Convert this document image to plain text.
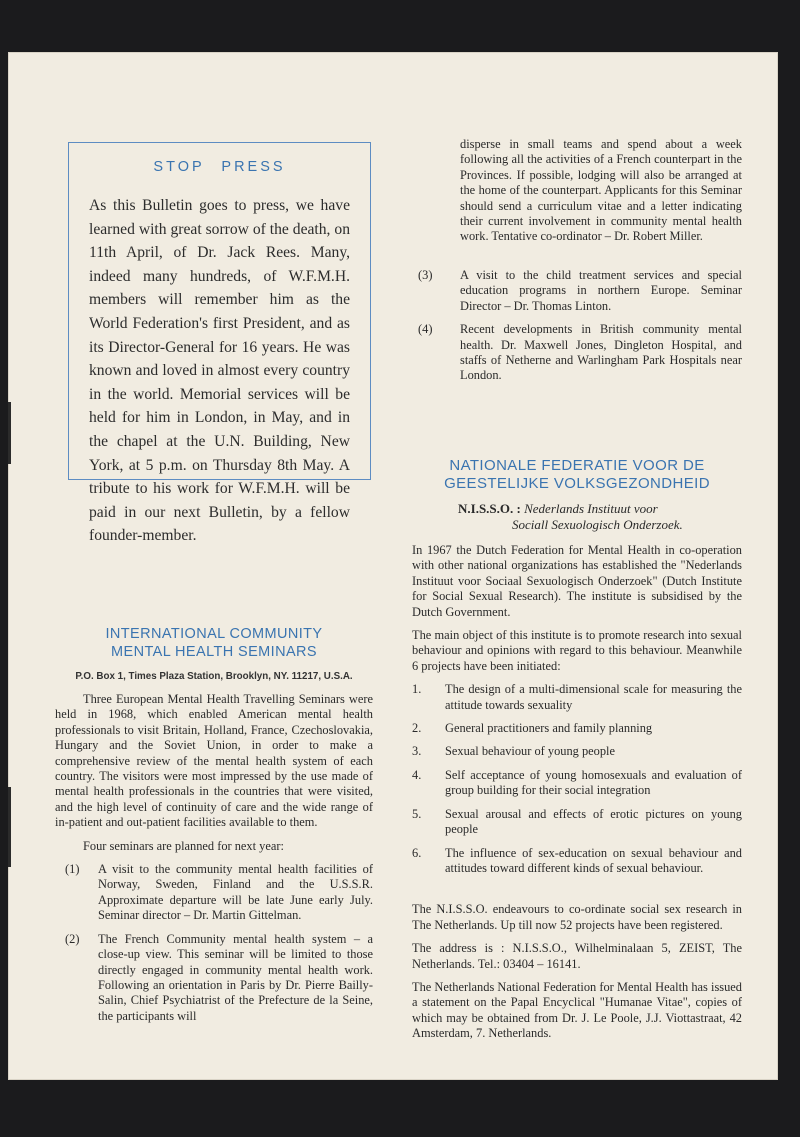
STOP PRESS
As this Bulletin goes to press, we have learned with great sorrow of the death, on 11th April, of Dr. Jack Rees. Many, indeed many hundreds, of W.F.M.H. members will remember him as the World Federation's first President, and as its Director-General for 16 years. He was known and loved in almost every country in the world. Memorial services will be held for him in London, in May, and in the chapel at the U.N. Building, New York, at 5 p.m. on Thursday 8th May. A tribute to his work for W.F.M.H. will be paid in our next Bulletin, by a fellow founder-member.
INTERNATIONAL COMMUNITY
MENTAL HEALTH SEMINARS
P.O. Box 1, Times Plaza Station, Brooklyn, NY. 11217, U.S.A.

Three European Mental Health Travelling Seminars were held in 1968, which enabled American mental health professionals to visit Britain, Holland, France, Czechoslovakia, Hungary and the Soviet Union, in order to make a comprehensive review of the mental health system of each country. The visitors were most impressed by the use made of mental health professionals in the countries that were visited, and the high level of continuity of care and the wide range of in-patient and out-patient facilities available to them.

Four seminars are planned for next year:

(1)	A visit to the community mental health facilities of Norway, Sweden, Finland and the U.S.S.R. Approximate departure will be late June early July. Seminar director – Dr. Martin Gittelman.
(2)	The French Community mental health system – a close-up view. This seminar will be limited to those directly engaged in community mental health work. Following an orientation in Paris by Dr. Pierre Bailly-Salin, Chief Psychiatrist of the Prefecture de la Seine, the participants will

disperse in small teams and spend about a week following all the activities of a French counterpart in the Provinces. If possible, lodging will also be arranged at the home of the counterpart. Applicants for this Seminar should send a curriculum vitae and a letter indicating their current involvement in community mental health work. Tentative co-ordinator – Dr. Robert Miller.

(3)	A visit to the child treatment services and special education programs in northern Europe. Seminar Director – Dr. Thomas Linton.
(4)	Recent developments in British community mental health. Dr. Maxwell Jones, Dingleton Hospital, and staffs of Netherne and Warlingham Park Hospitals near London.
NATIONALE FEDERATIE VOOR DE
GEESTELIJKE VOLKSGEZONDHEID
N.I.S.S.O. : Nederlands Instituut voor
Sociall Sexuologisch Onderzoek.

In 1967 the Dutch Federation for Mental Health in co-operation with other national organizations has established the "Nederlands Instituut voor Sociaal Sexuologisch Onderzoek" (Dutch Institute for Social Sexual Research). The institute is subsidised by the Dutch Government.

The main object of this institute is to promote research into sexual behaviour and opinions with regard to this behaviour. Meanwhile 6 projects have been initiated:

1.	The design of a multi-dimensional scale for measuring the attitude towards sexuality
2.	General practitioners and family planning
3.	Sexual behaviour of young people
4.	Self acceptance of young homosexuals and evaluation of group building for their social integration
5.	Sexual arousal and effects of erotic pictures on young people
6.	The influence of sex-education on sexual behaviour and attitudes toward different kinds of sexual behaviour.

The N.I.S.S.O. endeavours to co-ordinate social sex research in The Netherlands. Up till now 52 projects have been registered.

The address is : N.I.S.S.O., Wilhelminalaan 5, ZEIST, The Netherlands. Tel.: 03404 – 16141.

The Netherlands National Federation for Mental Health has issued a statement on the Papal Encyclical "Humanae Vitae", copies of which may be obtained from Dr. J. Le Poole, J.J. Viottastraat, 42 Amsterdam, 7. Netherlands.
